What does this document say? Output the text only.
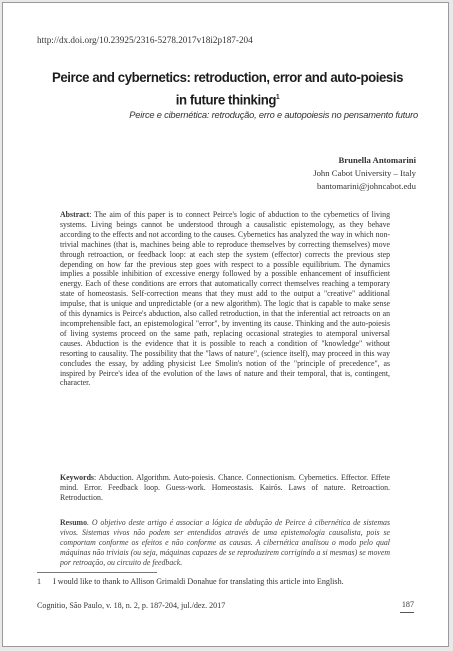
http://dx.doi.org/10.23925/2316-5278.2017v18i2p187-204
Peirce and cybernetics: retroduction, error and auto-poiesis in future thinking$^1$
Peirce e cibernética: retrodução, erro e autopoiesis no pensamento futuro
Brunella Antomarini
John Cabot University – Italy
bantomarini@johncabot.edu
Abstract: The aim of this paper is to connect Peirce's logic of abduction to the cybernetics of living systems. Living beings cannot be understood through a causalistic epistemology, as they behave according to the effects and not according to the causes. Cybernetics has analyzed the way in which non-trivial machines (that is, machines being able to reproduce themselves by correcting themselves) move through retroaction, or feedback loop: at each step the system (effector) corrects the previous step depending on how far the previous step goes with respect to a possible equilibrium. The dynamics implies a possible inhibition of excessive energy followed by a possible enhancement of insufficient energy. Each of these conditions are errors that automatically correct themselves reaching a temporary state of homeostasis. Self-correction means that they must add to the output a "creative" additional impulse, that is unique and unpredictable (or a new algorithm). The logic that is capable to make sense of this dynamics is Peirce's abduction, also called retroduction, in that the inferential act retroacts on an incomprehensible fact, an epistemological "error", by inventing its cause. Thinking and the auto-poiesis of living systems proceed on the same path, replacing occasional strategies to atemporal universal causes. Abduction is the evidence that it is possible to reach a condition of "knowledge" without resorting to causality. The possibility that the "laws of nature", (science itself), may proceed in this way concludes the essay, by adding physicist Lee Smolin's notion of the "principle of precedence", as inspired by Peirce's idea of the evolution of the laws of nature and their temporal, that is, contingent, character.
Keywords: Abduction. Algorithm. Auto-poiesis. Chance. Connectionism. Cybernetics. Effector. Effete mind. Error. Feedback loop. Guess-work. Homeostasis. Kairós. Laws of nature. Retroaction. Retroduction.
Resumo. O objetivo deste artigo é associar a lógica de abdução de Peirce à cibernética de sistemas vivos. Sistemas vivos não podem ser entendidos através de uma epistemologia causalista, pois se comportam conforme os efeitos e não conforme as causas. A cibernética analisou o modo pelo qual máquinas não triviais (ou seja, máquinas capazes de se reproduzirem corrigindo a si mesmas) se movem por retroação, ou circuito de feedback.
1 I would like to thank to Allison Grimaldi Donahue for translating this article into English.
Cognitio, São Paulo, v. 18, n. 2, p. 187-204, jul./dez. 2017	187
